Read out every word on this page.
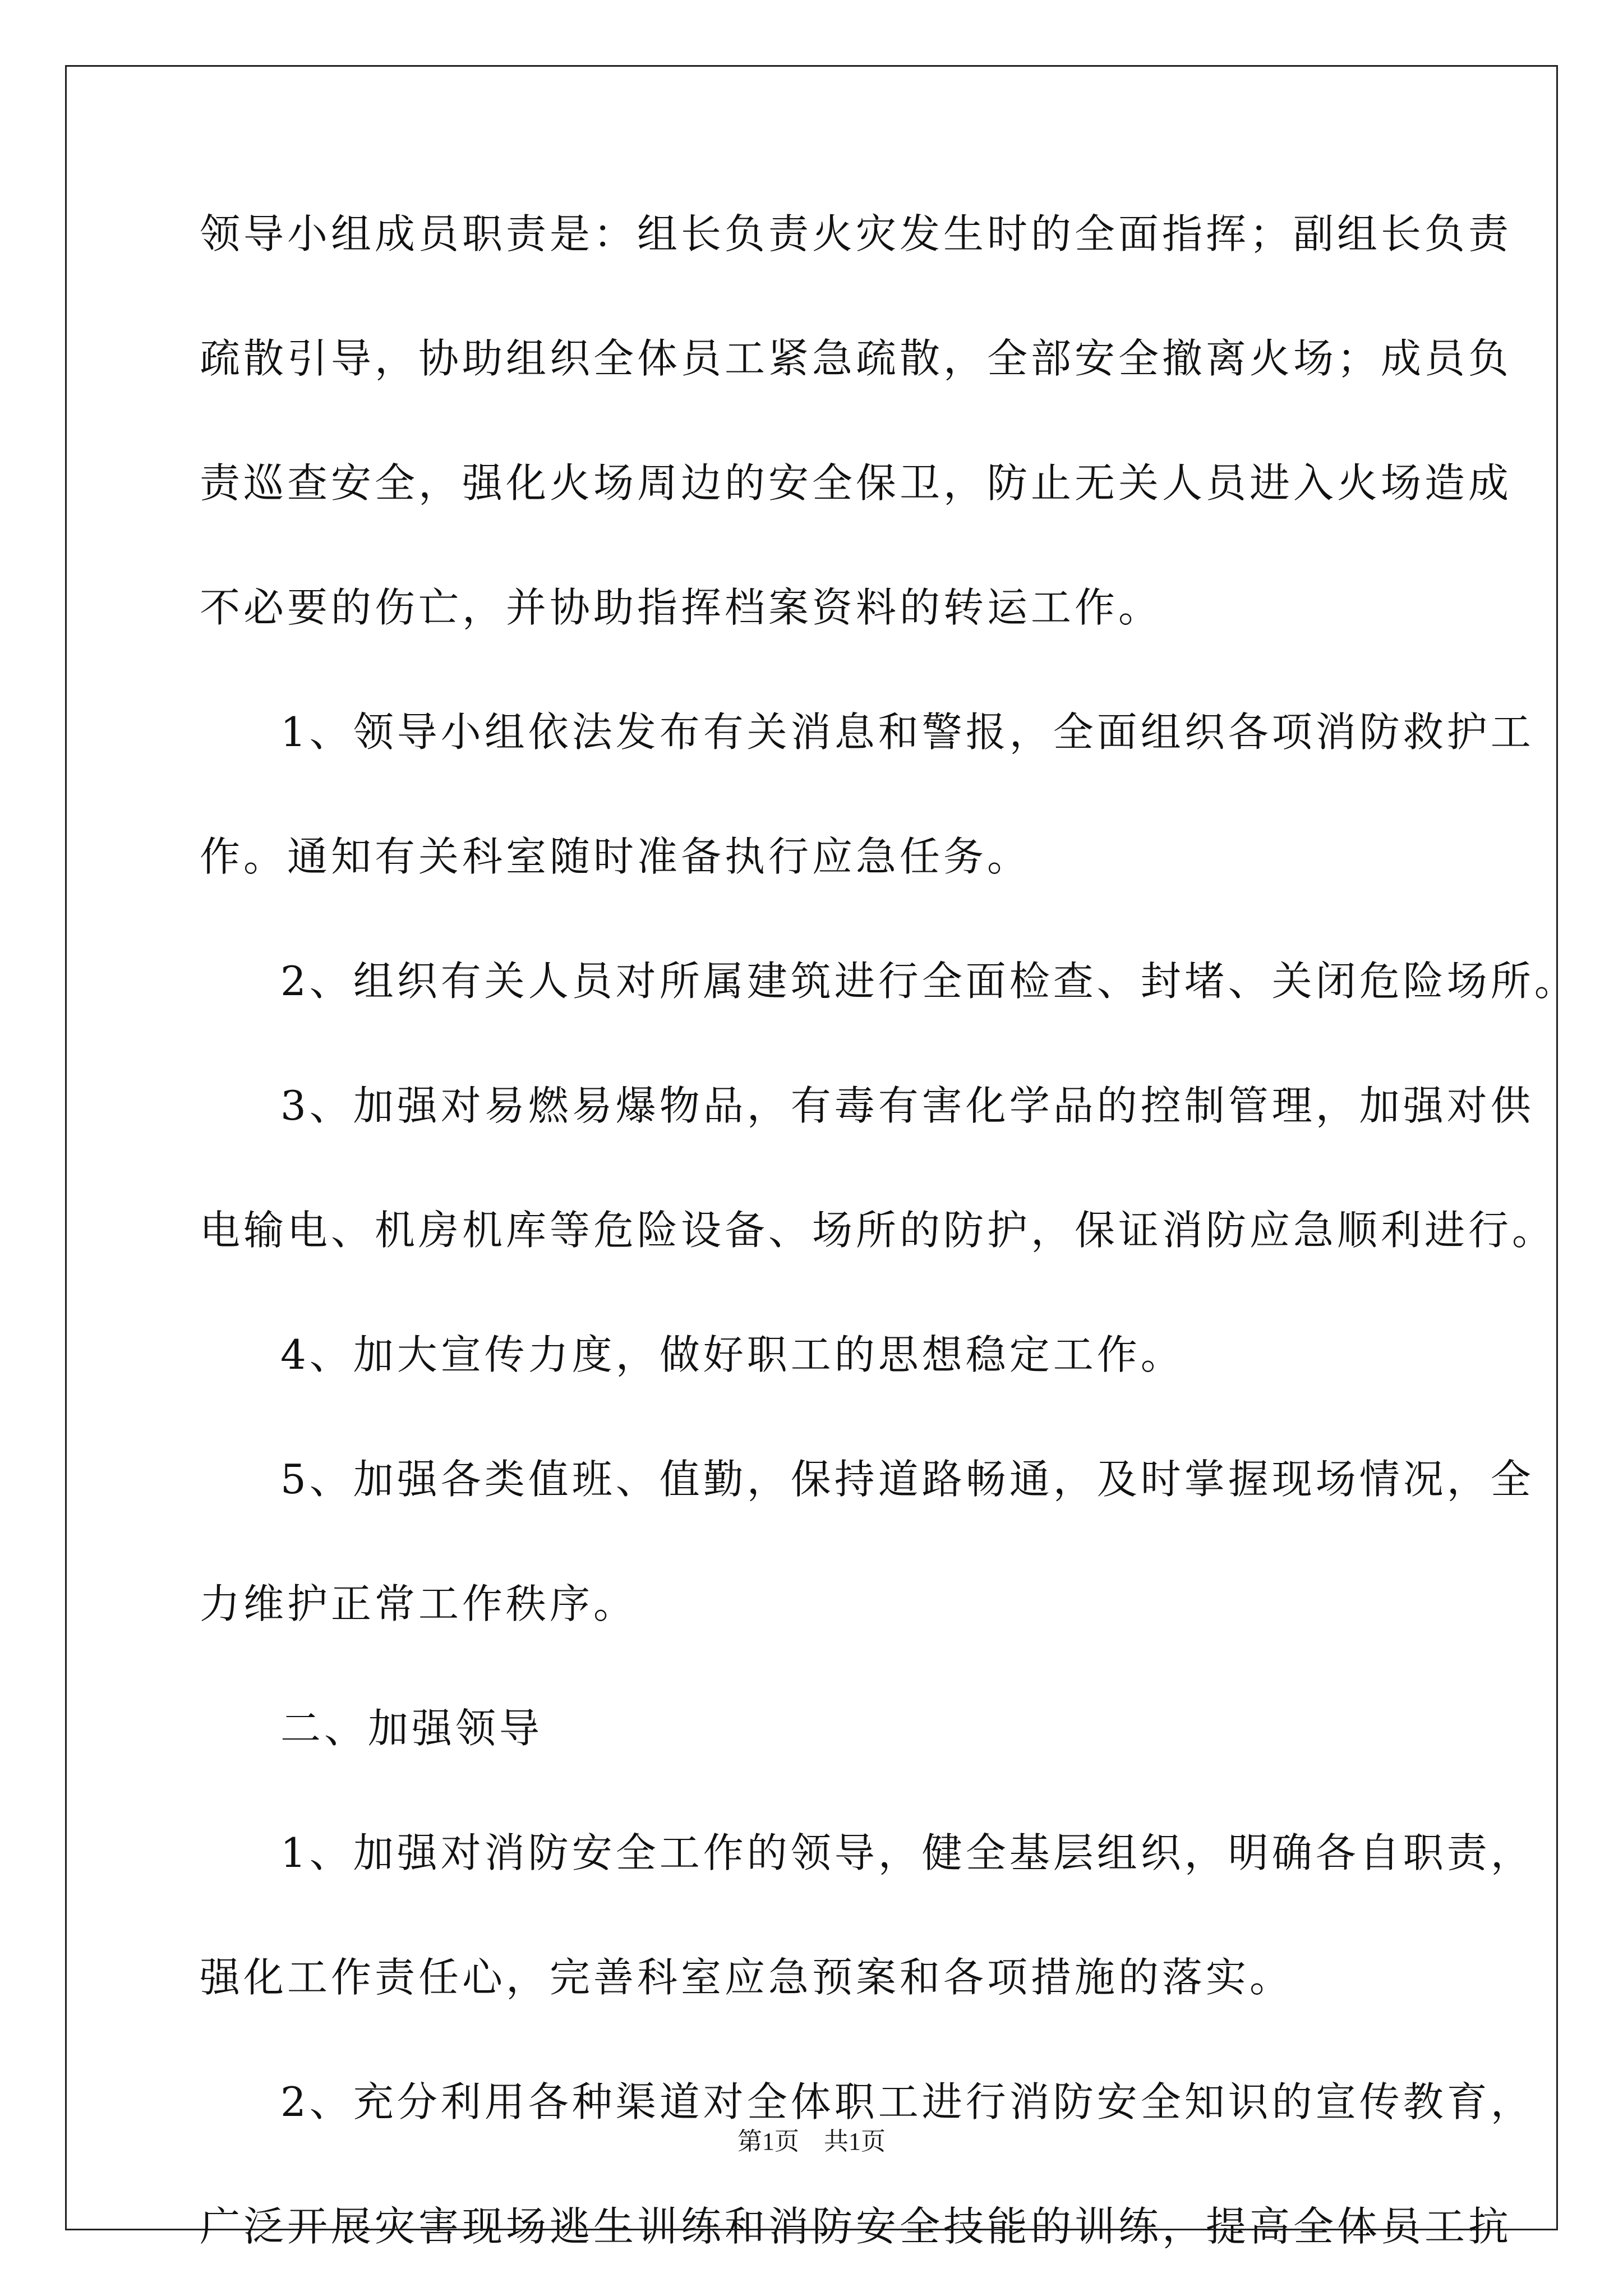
领导小组成员职责是：组长负责火灾发生时的全面指挥；副组长负责
疏散引导，协助组织全体员工紧急疏散，全部安全撤离火场；成员负
责巡查安全，强化火场周边的安全保卫，防止无关人员进入火场造成
不必要的伤亡，并协助指挥档案资料的转运工作。
1、领导小组依法发布有关消息和警报，全面组织各项消防救护工
作。通知有关科室随时准备执行应急任务。
2、组织有关人员对所属建筑进行全面检查、封堵、关闭危险场所。
3、加强对易燃易爆物品，有毒有害化学品的控制管理，加强对供
电输电、机房机库等危险设备、场所的防护，保证消防应急顺利进行。
4、加大宣传力度，做好职工的思想稳定工作。
5、加强各类值班、值勤，保持道路畅通，及时掌握现场情况，全
力维护正常工作秩序。
二、加强领导
1、加强对消防安全工作的领导，健全基层组织，明确各自职责，
强化工作责任心，完善科室应急预案和各项措施的落实。
2、充分利用各种渠道对全体职工进行消防安全知识的宣传教育，
广泛开展灾害现场逃生训练和消防安全技能的训练，提高全体员工抗
第1页　共1页
